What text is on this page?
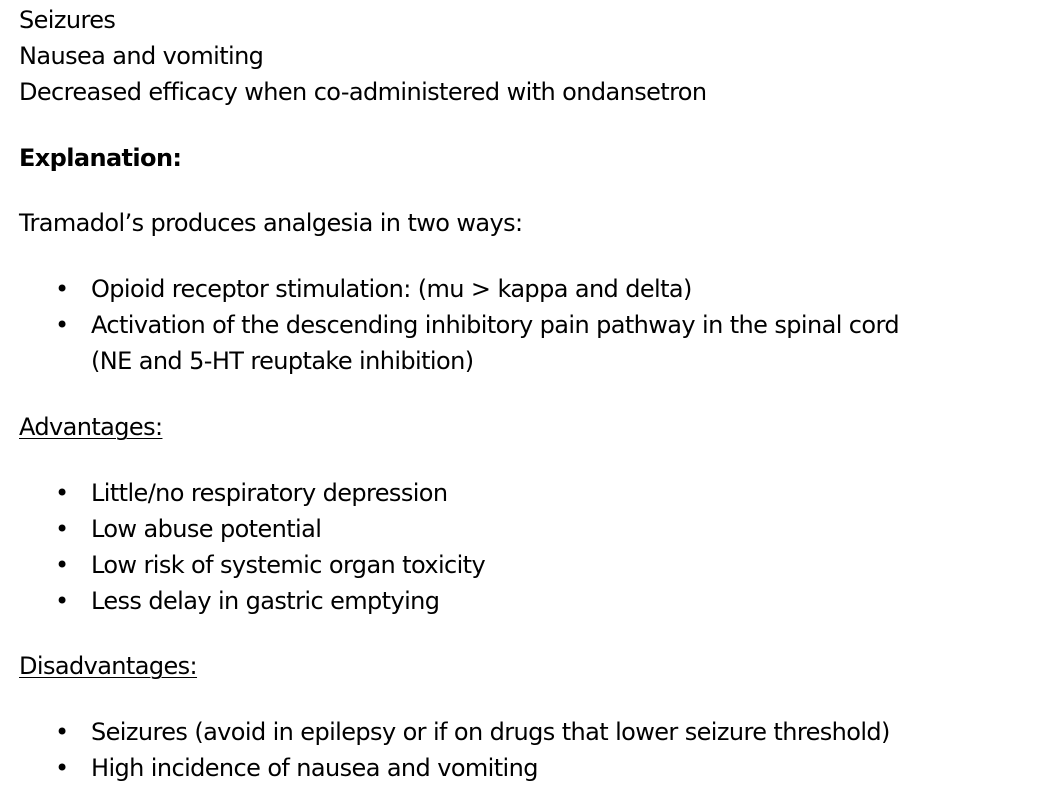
Seizures
Nausea and vomiting
Decreased efficacy when co-administered with ondansetron
Explanation:
Tramadol’s produces analgesia in two ways:
• Opioid receptor stimulation: (mu > kappa and delta)
• Activation of the descending inhibitory pain pathway in the spinal cord
(NE and 5-HT reuptake inhibition)
Advantages:
• Little/no respiratory depression
• Low abuse potential
• Low risk of systemic organ toxicity
• Less delay in gastric emptying
Disadvantages:
• Seizures (avoid in epilepsy or if on drugs that lower seizure threshold)
• High incidence of nausea and vomiting
